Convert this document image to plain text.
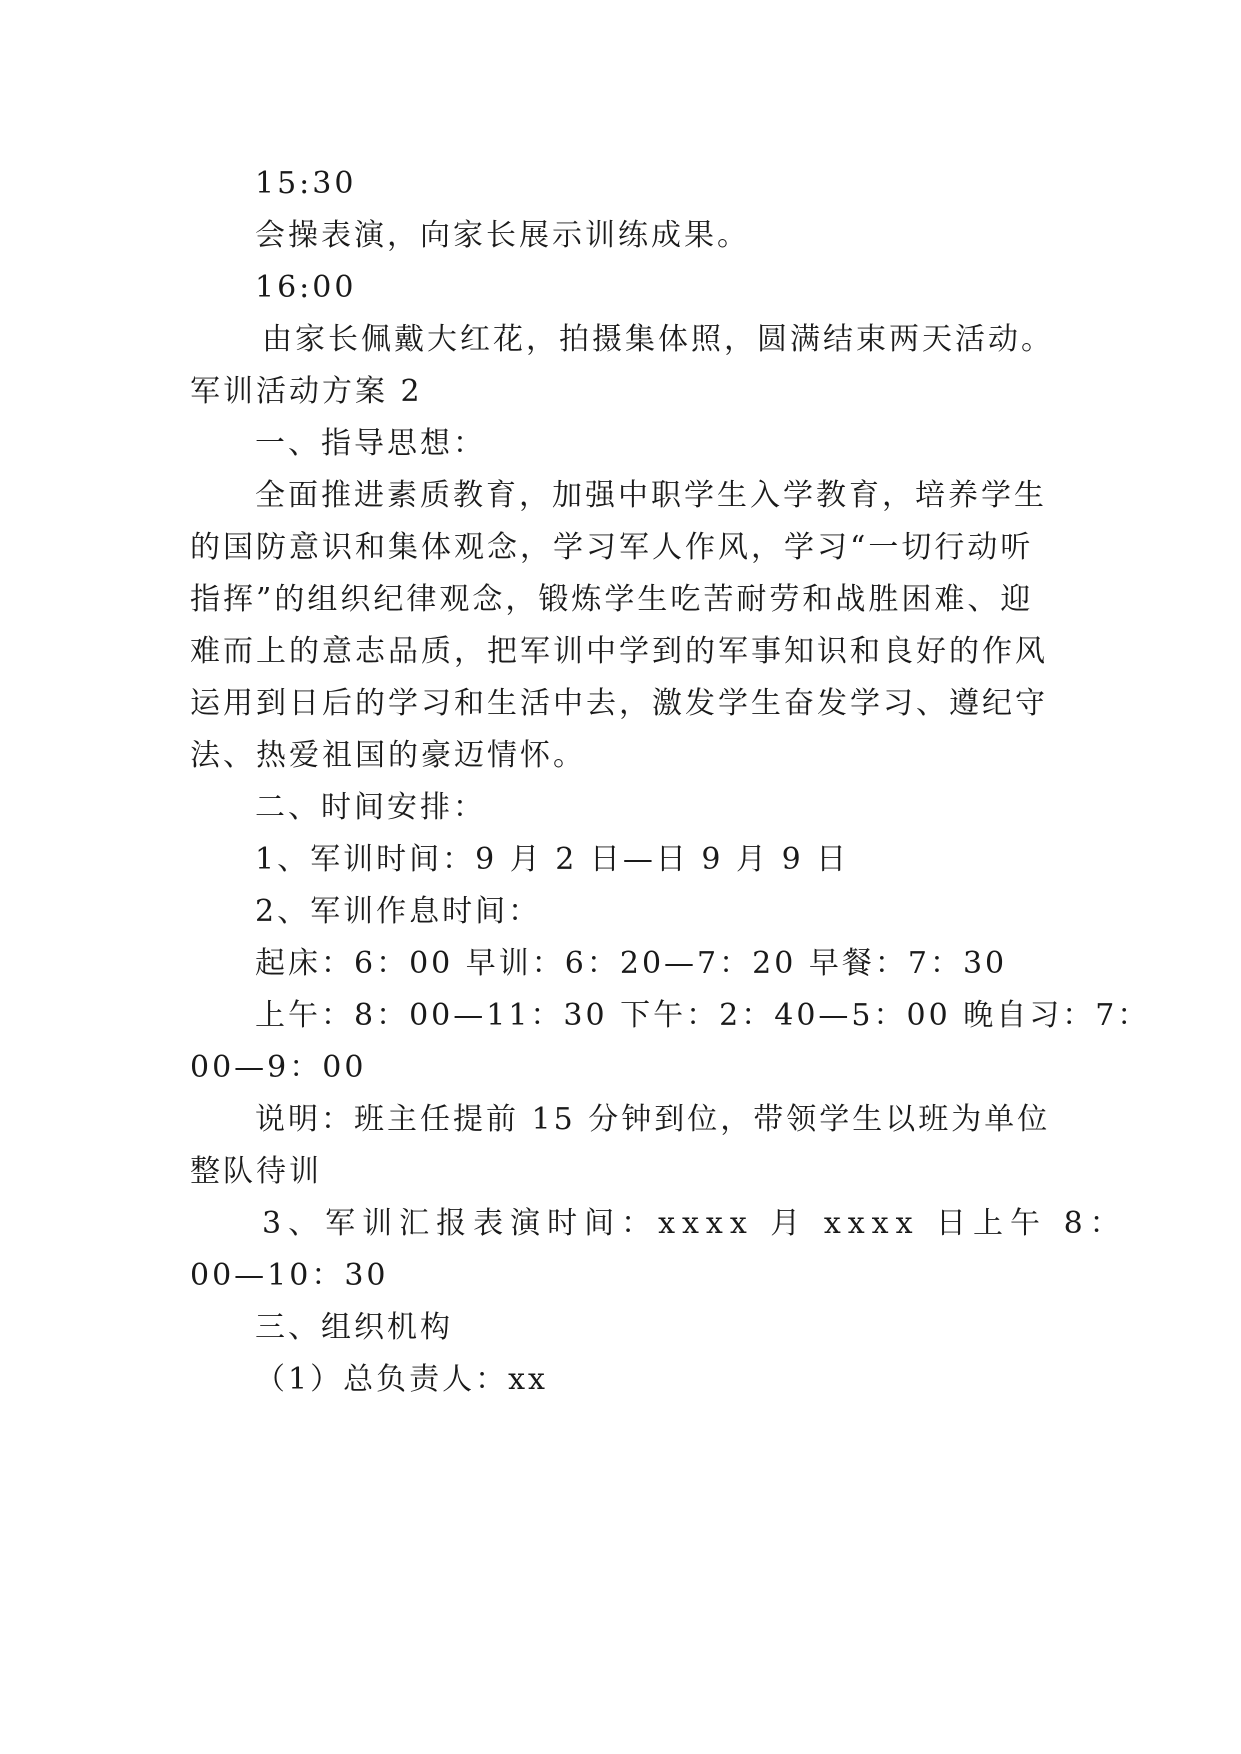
15:30

会操表演，向家长展示训练成果。

16:00

由家长佩戴大红花，拍摄集体照，圆满结束两天活动。

军训活动方案 2

一、指导思想：

全面推进素质教育，加强中职学生入学教育，培养学生

的国防意识和集体观念，学习军人作风，学习“一切行动听

指挥”的组织纪律观念，锻炼学生吃苦耐劳和战胜困难、迎

难而上的意志品质，把军训中学到的军事知识和良好的作风

运用到日后的学习和生活中去，激发学生奋发学习、遵纪守

法、热爱祖国的豪迈情怀。

二、时间安排：

1、军训时间：9 月 2 日—日 9 月 9 日

2、军训作息时间：

起床：6：00 早训：6：20—7：20 早餐：7：30

上午：8：00—11：30 下午：2：40—5：00 晚自习：7：

00—9：00

说明：班主任提前 15 分钟到位，带领学生以班为单位

整队待训

3、军训汇报表演时间：xxxx 月 xxxx 日上午 8：

00—10：30

三、组织机构

（1）总负责人：xx
